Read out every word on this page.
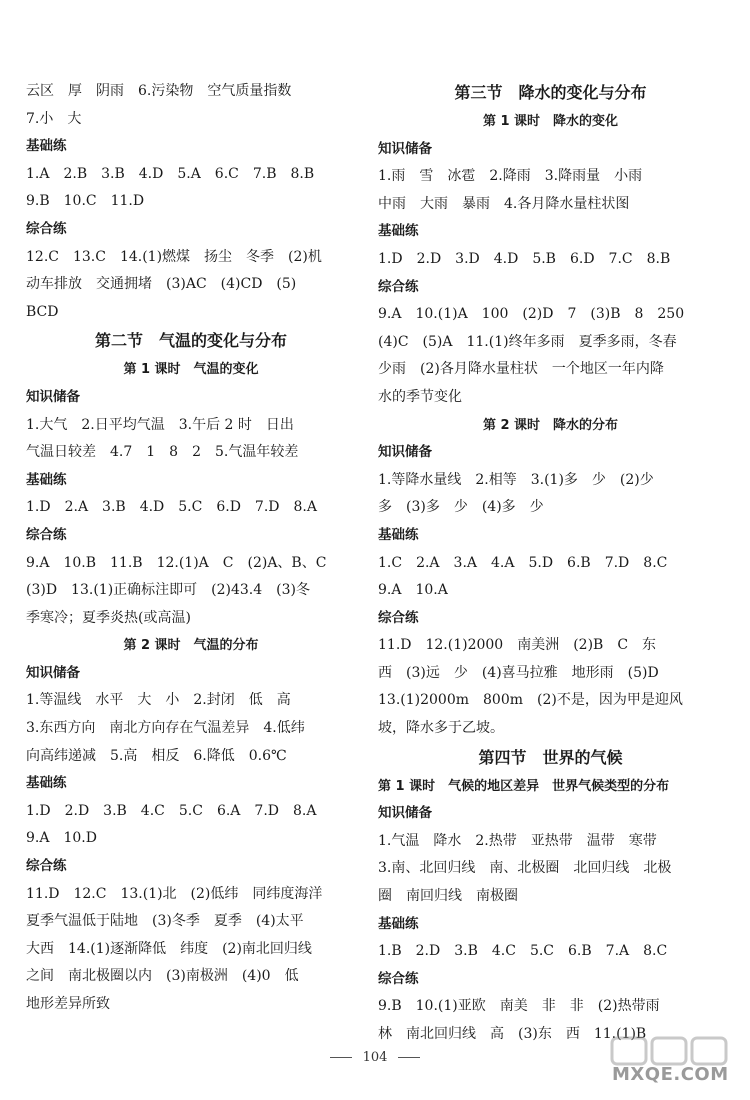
云区　厚　阴雨　6.污染物　空气质量指数
7.小　大
基础练
1.A　2.B　3.B　4.D　5.A　6.C　7.B　8.B
9.B　10.C　11.D
综合练
12.C　13.C　14.(1)燃煤　扬尘　冬季　(2)机
动车排放　交通拥堵　(3)AC　(4)CD　(5)
BCD
第二节　气温的变化与分布
第 1 课时　气温的变化
知识储备
1.大气　2.日平均气温　3.午后 2 时　日出
气温日较差　4.7　1　8　2　5.气温年较差
基础练
1.D　2.A　3.B　4.D　5.C　6.D　7.D　8.A
综合练
9.A　10.B　11.B　12.(1)A　C　(2)A、B、C
(3)D　13.(1)正确标注即可　(2)43.4　(3)冬
季寒冷；夏季炎热(或高温)
第 2 课时　气温的分布
知识储备
1.等温线　水平　大　小　2.封闭　低　高
3.东西方向　南北方向存在气温差异　4.低纬
向高纬递减　5.高　相反　6.降低　0.6℃
基础练
1.D　2.D　3.B　4.C　5.C　6.A　7.D　8.A
9.A　10.D
综合练
11.D　12.C　13.(1)北　(2)低纬　同纬度海洋
夏季气温低于陆地　(3)冬季　夏季　(4)太平
大西　14.(1)逐渐降低　纬度　(2)南北回归线
之间　南北极圈以内　(3)南极洲　(4)0　低
地形差异所致
第三节　降水的变化与分布
第 1 课时　降水的变化
知识储备
1.雨　雪　冰雹　2.降雨　3.降雨量　小雨
中雨　大雨　暴雨　4.各月降水量柱状图
基础练
1.D　2.D　3.D　4.D　5.B　6.D　7.C　8.B
综合练
9.A　10.(1)A　100　(2)D　7　(3)B　8　250
(4)C　(5)A　11.(1)终年多雨　夏季多雨，冬春
少雨　(2)各月降水量柱状　一个地区一年内降
水的季节变化
第 2 课时　降水的分布
知识储备
1.等降水量线　2.相等　3.(1)多　少　(2)少
多　(3)多　少　(4)多　少
基础练
1.C　2.A　3.A　4.A　5.D　6.B　7.D　8.C
9.A　10.A
综合练
11.D　12.(1)2000　南美洲　(2)B　C　东
西　(3)远　少　(4)喜马拉雅　地形雨　(5)D
13.(1)2000m　800m　(2)不是，因为甲是迎风
坡，降水多于乙坡。
第四节　世界的气候
第 1 课时　气候的地区差异　世界气候类型的分布
知识储备
1.气温　降水　2.热带　亚热带　温带　寒带
3.南、北回归线　南、北极圈　北回归线　北极
圈　南回归线　南极圈
基础练
1.B　2.D　3.B　4.C　5.C　6.B　7.A　8.C
综合练
9.B　10.(1)亚欧　南美　非　非　(2)热带雨
林　南北回归线　高　(3)东　西　11.(1)B
104
MXQE.COM
